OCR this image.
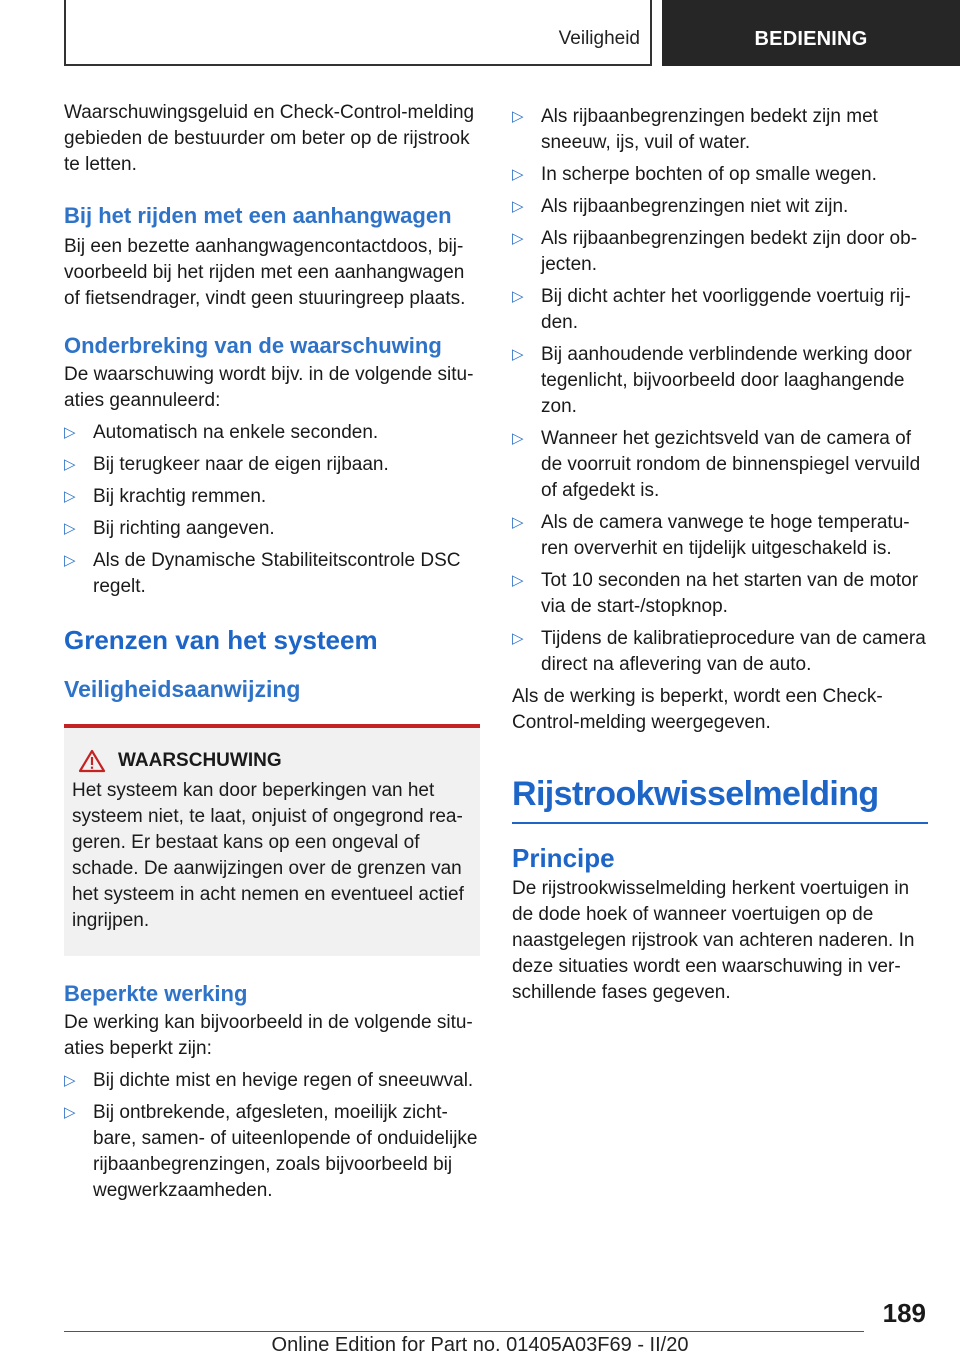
Veiligheid	BEDIENING

Waarschuwingsgeluid en Check-Control-melding gebieden de bestuurder om beter op de rijstrook te letten.

Bij het rijden met een aanhangwagen

Bij een bezette aanhangwagencontactdoos, bijvoorbeeld bij het rijden met een aanhangwagen of fietsendrager, vindt geen stuuringreep plaats.

Onderbreking van de waarschuwing

De waarschuwing wordt bijv. in de volgende situaties geannuleerd:

▷ Automatisch na enkele seconden.
▷ Bij terugkeer naar de eigen rijbaan.
▷ Bij krachtig remmen.
▷ Bij richting aangeven.
▷ Als de Dynamische Stabiliteitscontrole DSC regelt.
Grenzen van het systeem
Veiligheidsaanwijzing
WAARSCHUWING

Het systeem kan door beperkingen van het systeem niet, te laat, onjuist of ongegrond reageren. Er bestaat kans op een ongeval of schade. De aanwijzingen over de grenzen van het systeem in acht nemen en eventueel actief ingrijpen.

Beperkte werking

De werking kan bijvoorbeeld in de volgende situaties beperkt zijn:

▷ Bij dichte mist en hevige regen of sneeuwval.
▷ Bij ontbrekende, afgesleten, moeilijk zichtbare, samen- of uiteenlopende of onduidelijke rijbaanbegrenzingen, zoals bijvoorbeeld bij wegwerkzaamheden.
▷ Als rijbaanbegrenzingen bedekt zijn met sneeuw, ijs, vuil of water.
▷ In scherpe bochten of op smalle wegen.
▷ Als rijbaanbegrenzingen niet wit zijn.
▷ Als rijbaanbegrenzingen bedekt zijn door objecten.
▷ Bij dicht achter het voorliggende voertuig rijden.
▷ Bij aanhoudende verblindende werking door tegenlicht, bijvoorbeeld door laaghangende zon.
▷ Wanneer het gezichtsveld van de camera of de voorruit rondom de binnenspiegel vervuild of afgedekt is.
▷ Als de camera vanwege te hoge temperaturen oververhit en tijdelijk uitgeschakeld is.
▷ Tot 10 seconden na het starten van de motor via de start-/stopknop.
▷ Tijdens de kalibratieprocedure van de camera direct na aflevering van de auto.

Als de werking is beperkt, wordt een Check-Control-melding weergegeven.

Rijstrookwisselmelding
Principe

De rijstrookwisselmelding herkent voertuigen in de dode hoek of wanneer voertuigen op de naastgelegen rijstrook van achteren naderen. In deze situaties wordt een waarschuwing in verschillende fases gegeven.

189
Online Edition for Part no. 01405A03F69 - II/20
